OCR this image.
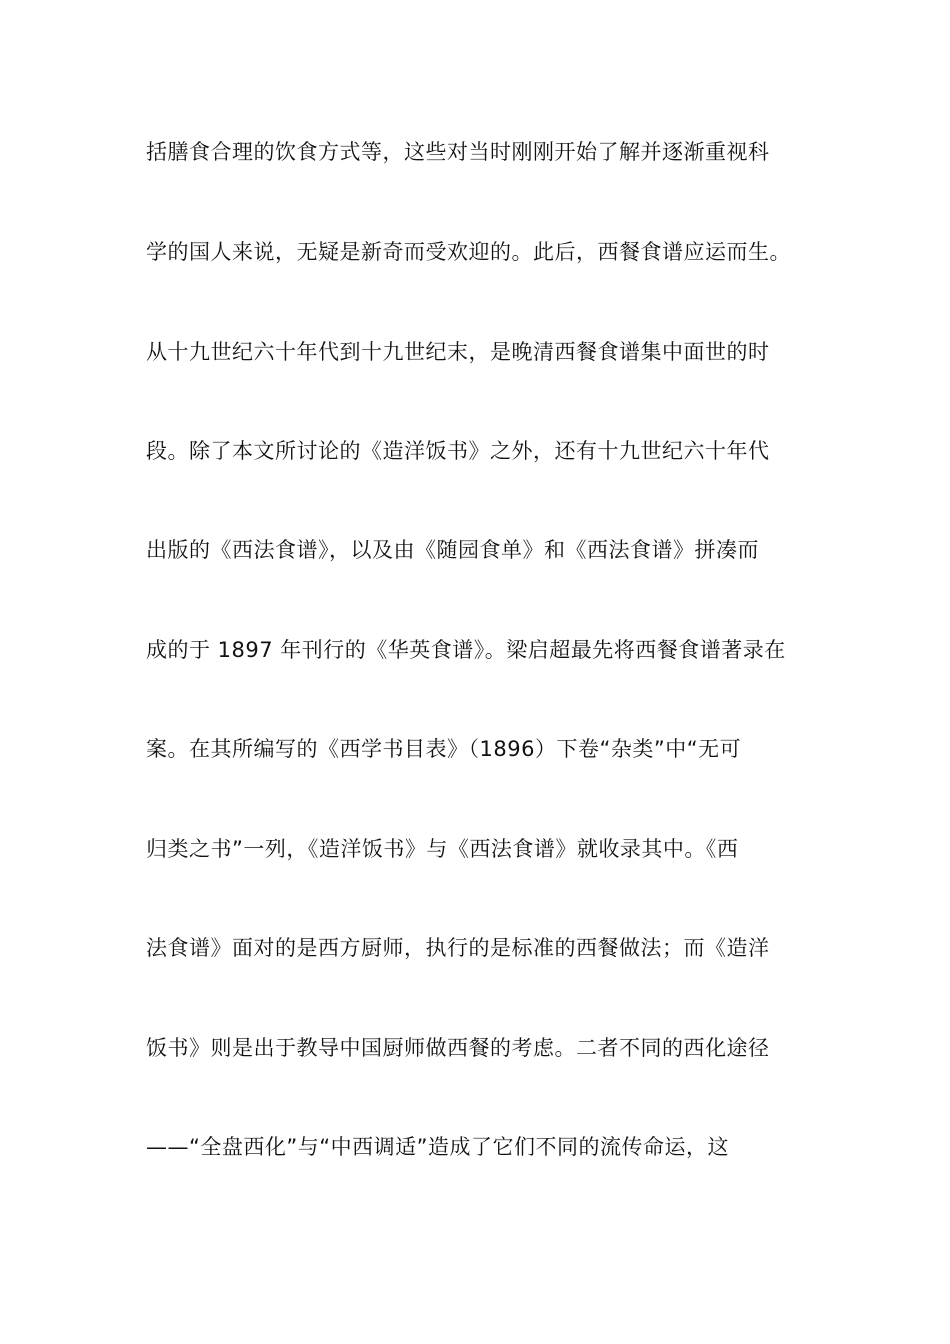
括膳食合理的饮食方式等，这些对当时刚刚开始了解并逐渐重视科
学的国人来说，无疑是新奇而受欢迎的。此后，西餐食谱应运而生。
从十九世纪六十年代到十九世纪末，是晚清西餐食谱集中面世的时
段。除了本文所讨论的《造洋饭书》之外，还有十九世纪六十年代
出版的《西法食谱》，以及由《随园食单》和《西法食谱》拼凑而
成的于 1897 年刊行的《华英食谱》。梁启超最先将西餐食谱著录在
案。在其所编写的《西学书目表》（1896）下卷“杂类”中“无可
归类之书”一列，《造洋饭书》与《西法食谱》就收录其中。《西
法食谱》面对的是西方厨师，执行的是标准的西餐做法；而《造洋
饭书》则是出于教导中国厨师做西餐的考虑。二者不同的西化途径
——“全盘西化”与“中西调适”造成了它们不同的流传命运，这
